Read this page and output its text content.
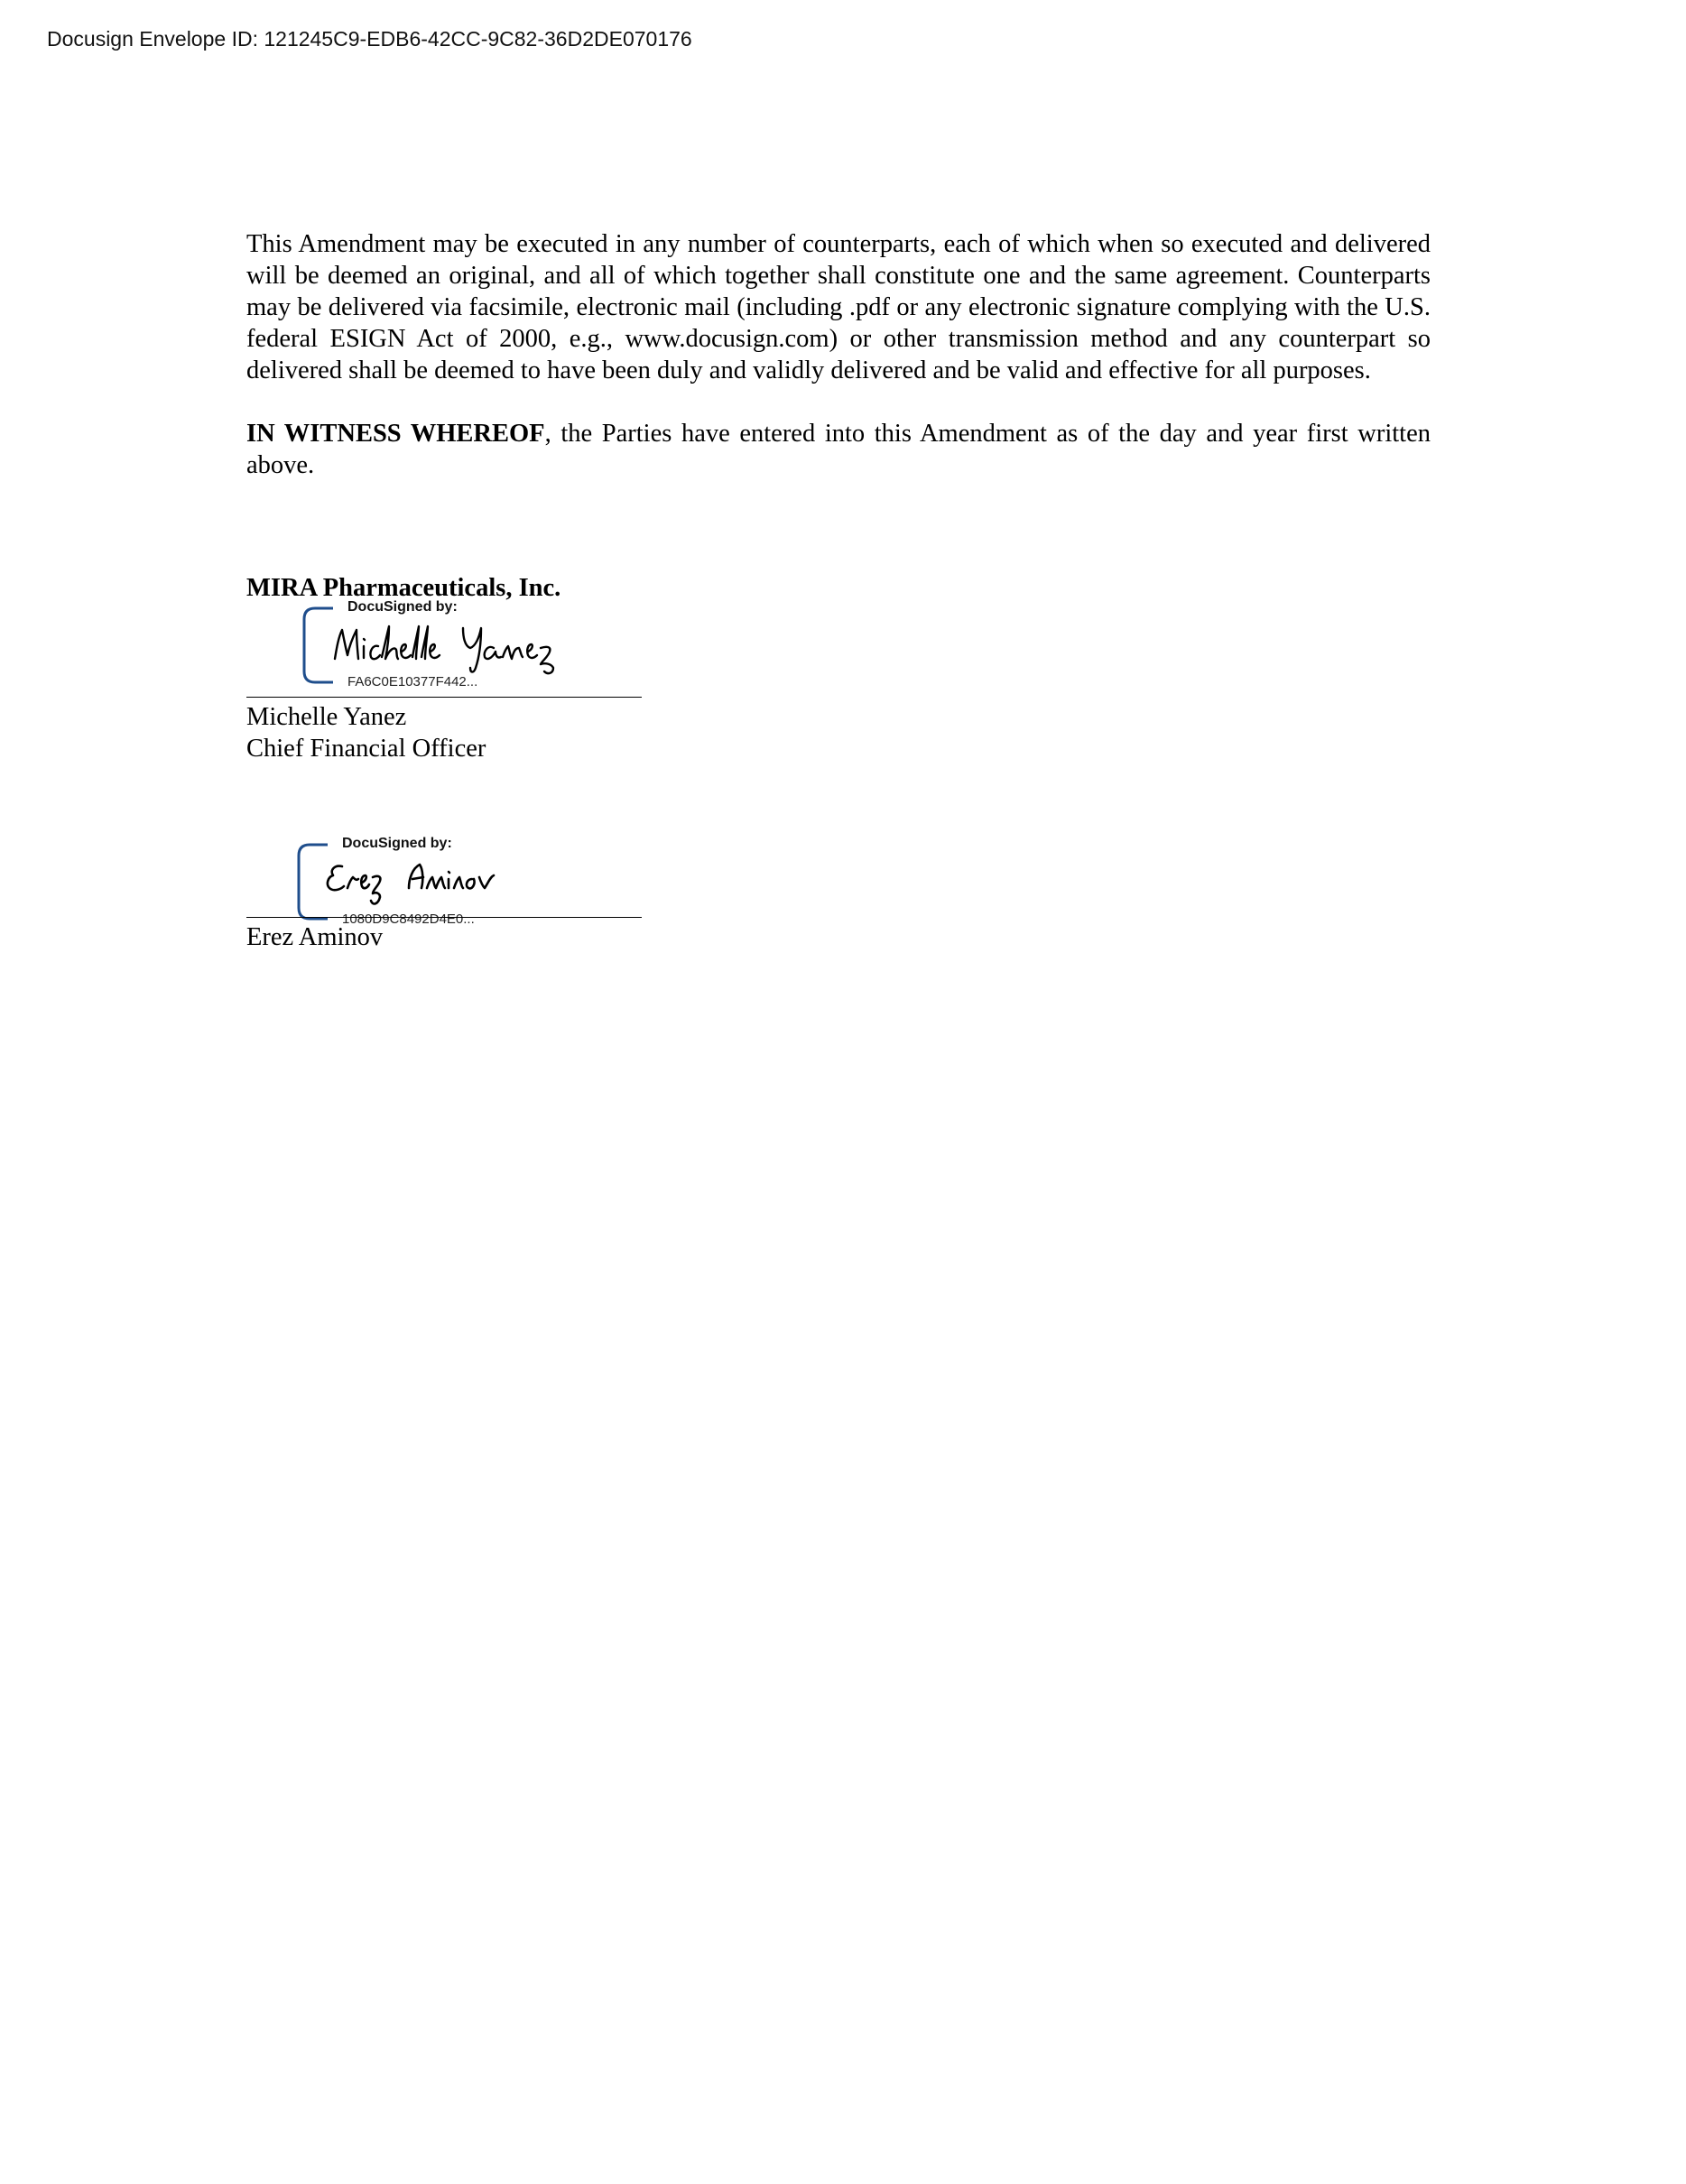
Docusign Envelope ID: 121245C9-EDB6-42CC-9C82-36D2DE070176

This Amendment may be executed in any number of counterparts, each of which when so executed and delivered will be deemed an original, and all of which together shall constitute one and the same agreement. Counterparts may be delivered via facsimile, electronic mail (including .pdf or any electronic signature complying with the U.S. federal ESIGN Act of 2000, e.g., www.docusign.com) or other transmission method and any counterpart so delivered shall be deemed to have been duly and validly delivered and be valid and effective for all purposes.

IN WITNESS WHEREOF, the Parties have entered into this Amendment as of the day and year first written above.

MIRA Pharmaceuticals, Inc.
DocuSigned by:
FA6C0E10377F442...
Michelle Yanez
Chief Financial Officer
DocuSigned by:
1080D9C8492D4E0...
Erez Aminov
